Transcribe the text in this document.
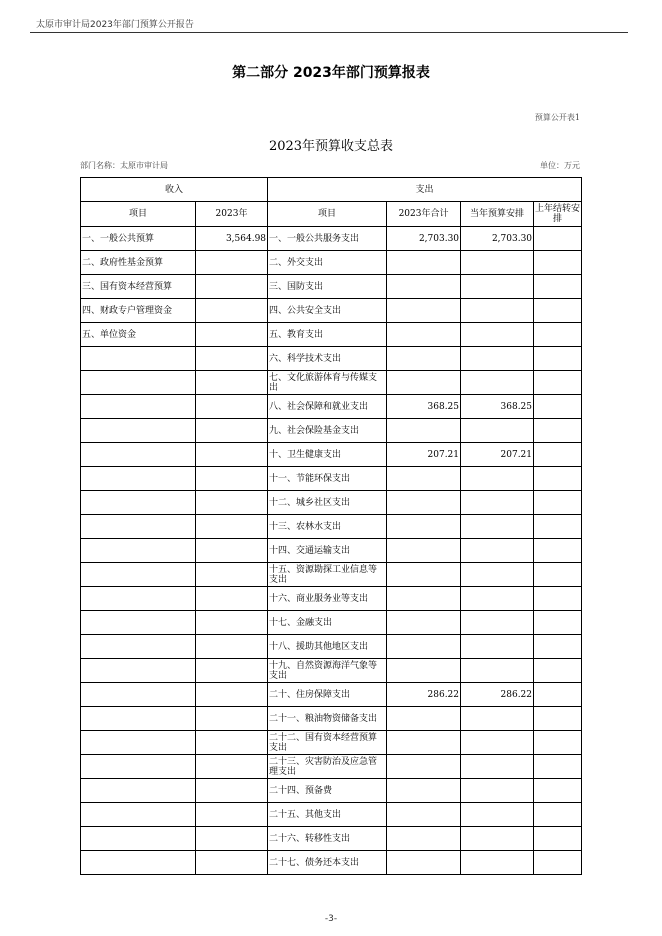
太原市审计局2023年部门预算公开报告
第二部分 2023年部门预算报表
预算公开表1
2023年预算收支总表
部门名称：太原市审计局	单位：万元
收入		支出			
项目	2023年	项目	2023年合计	当年预算安排	上年结转安排
一、一般公共预算	3,564.98	一、一般公共服务支出	2,703.30	2,703.30	
二、政府性基金预算		二、外交支出			
三、国有资本经营预算		三、国防支出			
四、财政专户管理资金		四、公共安全支出			
五、单位资金		五、教育支出			
		六、科学技术支出			
		七、文化旅游体育与传媒支出			
		八、社会保障和就业支出	368.25	368.25	
		九、社会保险基金支出			
		十、卫生健康支出	207.21	207.21	
		十一、节能环保支出			
		十二、城乡社区支出			
		十三、农林水支出			
		十四、交通运输支出			
		十五、资源勘探工业信息等支出			
		十六、商业服务业等支出			
		十七、金融支出			
		十八、援助其他地区支出			
		十九、自然资源海洋气象等支出			
		二十、住房保障支出	286.22	286.22	
		二十一、粮油物资储备支出			
		二十二、国有资本经营预算支出			
		二十三、灾害防治及应急管理支出			
		二十四、预备费			
		二十五、其他支出			
		二十六、转移性支出			
		二十七、债务还本支出			
-3-
